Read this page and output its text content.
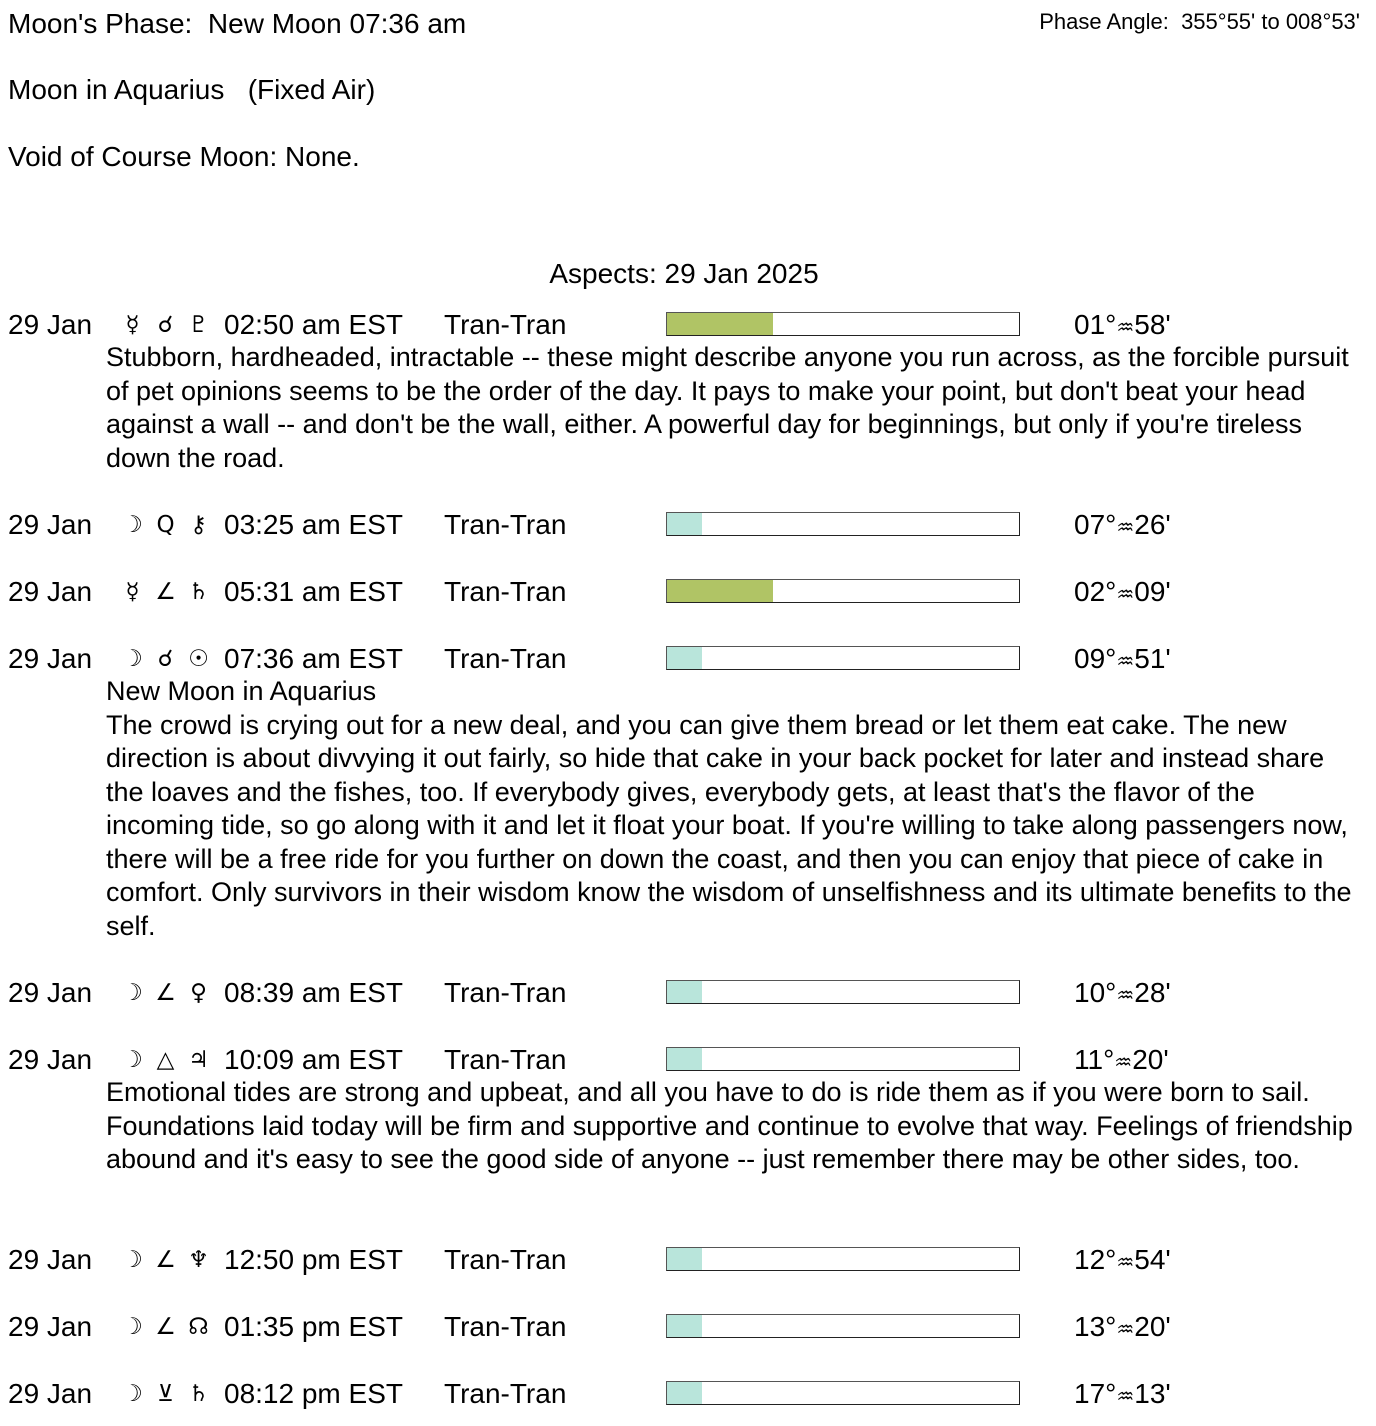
Moon's Phase:  New Moon 07:36 am	Phase Angle:  355°55' to 008°53'
Moon in Aquarius   (Fixed Air)
Void of Course Moon: None.
Aspects: 29 Jan 2025
29 Jan	☿ ☌ ♇ 02:50 am EST Tran-Tran	01°♒58'

Stubborn, hardheaded, intractable -- these might describe anyone you run across, as the forcible pursuit of pet opinions seems to be the order of the day. It pays to make your point, but don't beat your head against a wall -- and don't be the wall, either. A powerful day for beginnings, but only if you're tireless down the road.

29 Jan ☽ Q ⚷ 03:25 am EST Tran-Tran	07°♒26'
29 Jan	☿ ∠ ♄ 05:31 am EST Tran-Tran	02°♒09'
29 Jan ☽ ☌ ☉ 07:36 am EST Tran-Tran	09°♒51'

New Moon in Aquarius

The crowd is crying out for a new deal, and you can give them bread or let them eat cake. The new direction is about divvying it out fairly, so hide that cake in your back pocket for later and instead share the loaves and the fishes, too. If everybody gives, everybody gets, at least that's the flavor of the incoming tide, so go along with it and let it float your boat. If you're willing to take along passengers now, there will be a free ride for you further on down the coast, and then you can enjoy that piece of cake in comfort. Only survivors in their wisdom know the wisdom of unselfishness and its ultimate benefits to the self.

29 Jan ☽ ∠ ♀ 08:39 am EST Tran-Tran	10°♒28'
29 Jan ☽ △ ♃ 10:09 am EST Tran-Tran	11°♒20'

Emotional tides are strong and upbeat, and all you have to do is ride them as if you were born to sail. Foundations laid today will be firm and supportive and continue to evolve that way. Feelings of friendship abound and it's easy to see the good side of anyone -- just remember there may be other sides, too.

29 Jan ☽ ∠ ♆ 12:50 pm EST Tran-Tran	12°♒54'
29 Jan ☽ ∠ ☊ 01:35 pm EST Tran-Tran	13°♒20'
29 Jan ☽ ⊻ ♄ 08:12 pm EST Tran-Tran	17°♒13'
